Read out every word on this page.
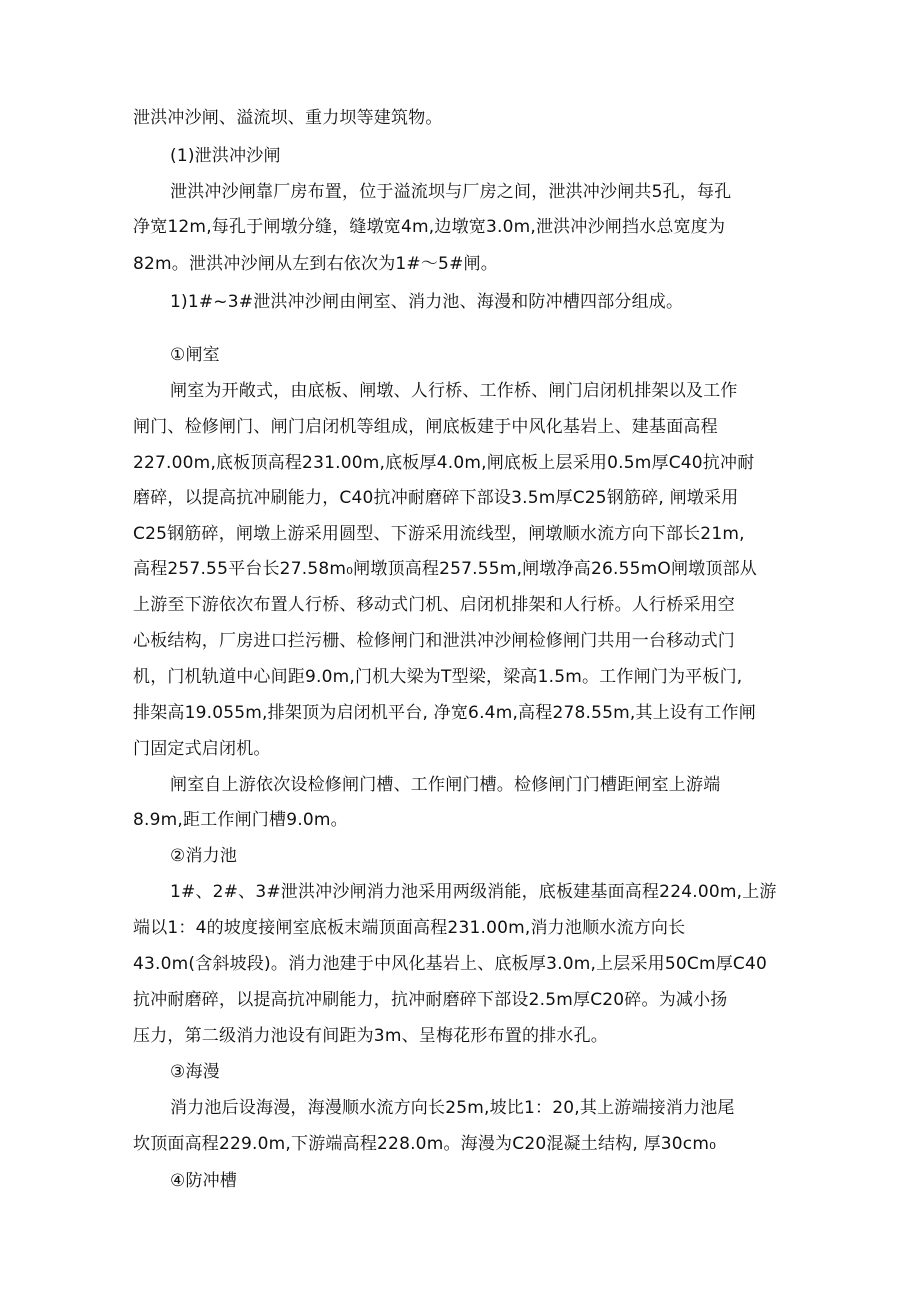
泄洪冲沙闸、溢流坝、重力坝等建筑物。
(1)泄洪冲沙闸
泄洪冲沙闸靠厂房布置，位于溢流坝与厂房之间，泄洪冲沙闸共5孔，每孔
净宽12m,每孔于闸墩分缝，缝墩宽4m,边墩宽3.0m,泄洪冲沙闸挡水总宽度为
82m。泄洪冲沙闸从左到右依次为1#～5#闸。
1)1#~3#泄洪冲沙闸由闸室、消力池、海漫和防冲槽四部分组成。
①闸室
闸室为开敞式，由底板、闸墩、人行桥、工作桥、闸门启闭机排架以及工作
闸门、检修闸门、闸门启闭机等组成，闸底板建于中风化基岩上、建基面高程
227.00m,底板顶高程231.00m,底板厚4.0m,闸底板上层采用0.5m厚C40抗冲耐
磨碎，以提高抗冲刷能力，C40抗冲耐磨碎下部设3.5m厚C25钢筋碎, 闸墩采用
C25钢筋碎，闸墩上游采用圆型、下游采用流线型，闸墩顺水流方向下部长21m,
高程257.55平台长27.58m₀闸墩顶高程257.55m,闸墩净高26.55mO闸墩顶部从
上游至下游依次布置人行桥、移动式门机、启闭机排架和人行桥。人行桥采用空
心板结构，厂房进口拦污栅、检修闸门和泄洪冲沙闸检修闸门共用一台移动式门
机，门机轨道中心间距9.0m,门机大梁为T型梁，梁高1.5m。工作闸门为平板门,
排架高19.055m,排架顶为启闭机平台, 净宽6.4m,高程278.55m,其上设有工作闸
门固定式启闭机。
闸室自上游依次设检修闸门槽、工作闸门槽。检修闸门门槽距闸室上游端
8.9m,距工作闸门槽9.0m。
②消力池
1#、2#、3#泄洪冲沙闸消力池采用两级消能，底板建基面高程224.00m,上游
端以1：4的坡度接闸室底板末端顶面高程231.00m,消力池顺水流方向长
43.0m(含斜坡段)。消力池建于中风化基岩上、底板厚3.0m,上层采用50Cm厚C40
抗冲耐磨碎，以提高抗冲刷能力，抗冲耐磨碎下部设2.5m厚C20碎。为减小扬
压力，第二级消力池设有间距为3m、呈梅花形布置的排水孔。
③海漫
消力池后设海漫，海漫顺水流方向长25m,坡比1：20,其上游端接消力池尾
坎顶面高程229.0m,下游端高程228.0m。海漫为C20混凝土结构, 厚30cm₀
④防冲槽
